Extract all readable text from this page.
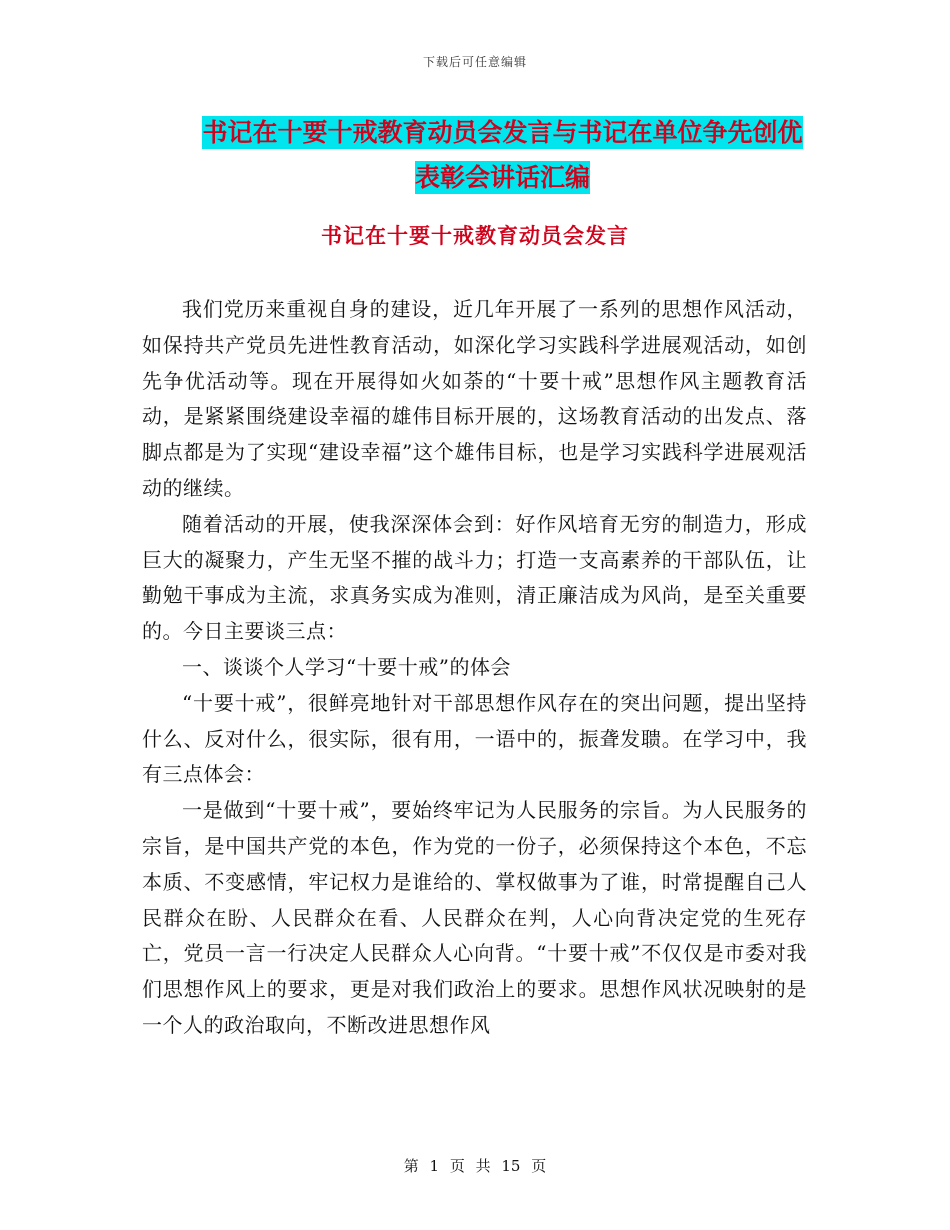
下载后可任意编辑
书记在十要十戒教育动员会发言与书记在单位争先创优表彰会讲话汇编
书记在十要十戒教育动员会发言

我们党历来重视自身的建设，近几年开展了一系列的思想作风活动，如保持共产党员先进性教育活动，如深化学习实践科学进展观活动，如创先争优活动等。现在开展得如火如荼的“十要十戒”思想作风主题教育活动，是紧紧围绕建设幸福的雄伟目标开展的，这场教育活动的出发点、落脚点都是为了实现“建设幸福”这个雄伟目标，也是学习实践科学进展观活动的继续。

随着活动的开展，使我深深体会到：好作风培育无穷的制造力，形成巨大的凝聚力，产生无坚不摧的战斗力；打造一支高素养的干部队伍，让勤勉干事成为主流，求真务实成为准则，清正廉洁成为风尚，是至关重要的。今日主要谈三点：

一、谈谈个人学习“十要十戒”的体会

“十要十戒”，很鲜亮地针对干部思想作风存在的突出问题，提出坚持什么、反对什么，很实际，很有用，一语中的，振聋发聩。在学习中，我有三点体会：

一是做到“十要十戒”，要始终牢记为人民服务的宗旨。为人民服务的宗旨，是中国共产党的本色，作为党的一份子，必须保持这个本色，不忘本质、不变感情，牢记权力是谁给的、掌权做事为了谁，时常提醒自己人民群众在盼、人民群众在看、人民群众在判，人心向背决定党的生死存亡，党员一言一行决定人民群众人心向背。“十要十戒”不仅仅是市委对我们思想作风上的要求，更是对我们政治上的要求。思想作风状况映射的是一个人的政治取向，不断改进思想作风

第 1 页 共 15 页
